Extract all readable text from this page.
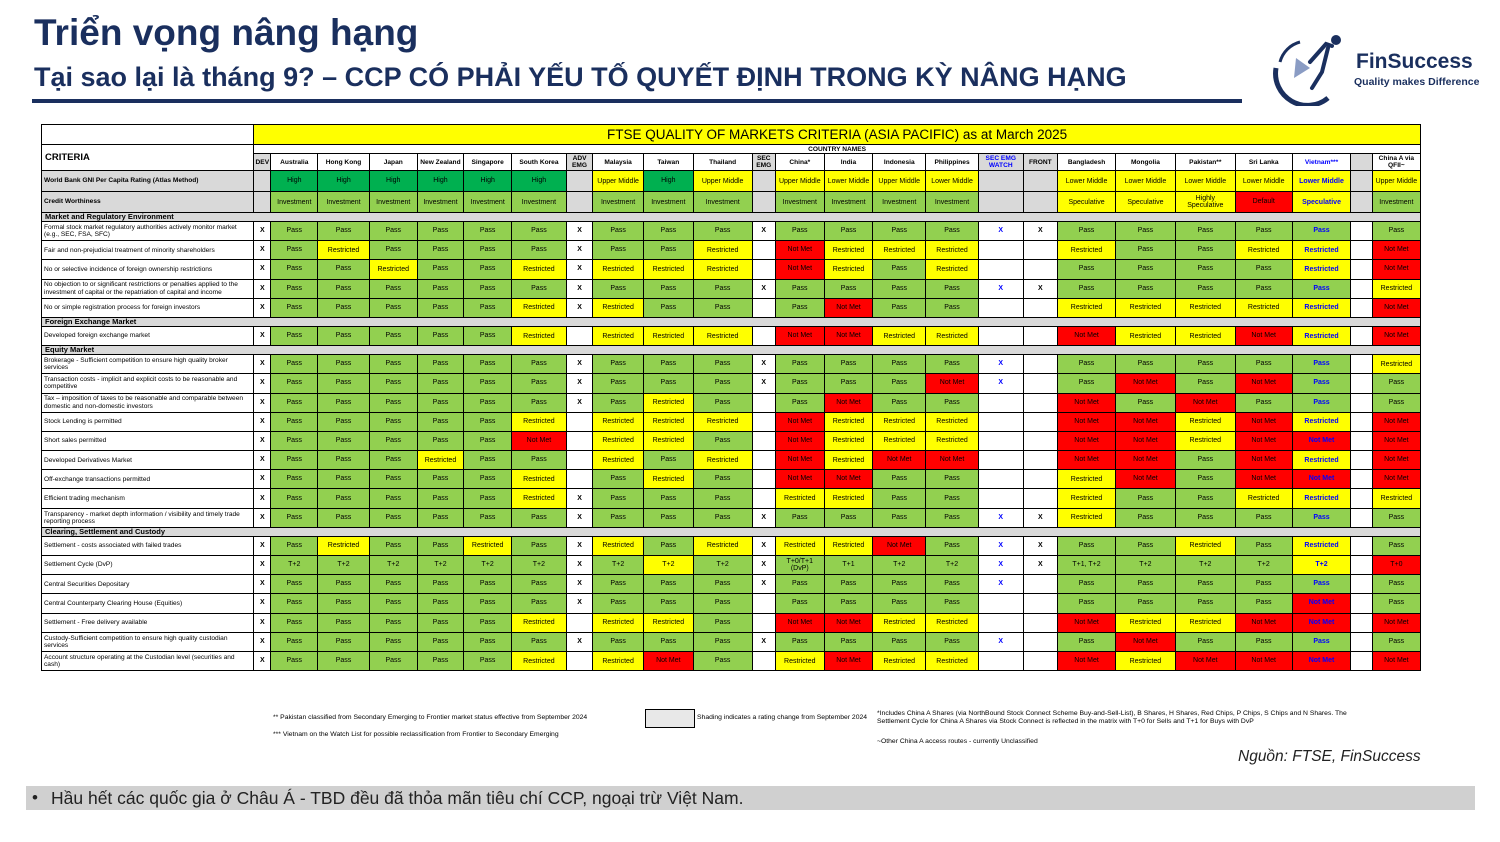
Triển vọng nâng hạng
Tại sao lại là tháng 9? – CCP CÓ PHẢI YẾU TỐ QUYẾT ĐỊNH TRONG KỲ NÂNG HẠNG
FinSuccess
Quality makes Difference
	FTSE QUALITY OF MARKETS CRITERIA (ASIA PACIFIC) as at March 2025																								
CRITERIA	COUNTRY NAMES																								
	DEV	Australia	Hong Kong	Japan	New Zealand	Singapore	South Korea	ADV EMG	Malaysia	Taiwan	Thailand	SEC EMG	China*	India	Indonesia	Philippines	SEC EMG WATCH	FRONT	Bangladesh	Mongolia	Pakistan**	Sri Lanka	Vietnam***		China A via QFII~
World Bank GNI Per Capita Rating (Atlas Method)		High	High	High	High	High	High		Upper Middle	High	Upper Middle		Upper Middle	Lower Middle	Upper Middle	Lower Middle			Lower Middle	Lower Middle	Lower Middle	Lower Middle	Lower Middle		Upper Middle
Credit Worthiness		Investment	Investment	Investment	Investment	Investment	Investment		Investment	Investment	Investment		Investment	Investment	Investment	Investment			Speculative	Speculative	Highly Speculative	Default	Speculative		Investment
Market and Regulatory Environment																									
Formal stock market regulatory authorities actively monitor market (e.g., SEC, FSA, SFC)	X	Pass	Pass	Pass	Pass	Pass	Pass	X	Pass	Pass	Pass	X	Pass	Pass	Pass	Pass	X	X	Pass	Pass	Pass	Pass	Pass		Pass
Fair and non-prejudicial treatment of minority shareholders	X	Pass	Restricted	Pass	Pass	Pass	Pass	X	Pass	Pass	Restricted		Not Met	Restricted	Restricted	Restricted			Restricted	Pass	Pass	Restricted	Restricted		Not Met
No or selective incidence of foreign ownership restrictions	X	Pass	Pass	Restricted	Pass	Pass	Restricted	X	Restricted	Restricted	Restricted		Not Met	Restricted	Pass	Restricted			Pass	Pass	Pass	Pass	Restricted		Not Met
No objection to or significant restrictions or penalties applied to the investment of capital or the repatriation of capital and income	X	Pass	Pass	Pass	Pass	Pass	Pass	X	Pass	Pass	Pass	X	Pass	Pass	Pass	Pass	X	X	Pass	Pass	Pass	Pass	Pass		Restricted
No or simple registration process for foreign investors	X	Pass	Pass	Pass	Pass	Pass	Restricted	X	Restricted	Pass	Pass		Pass	Not Met	Pass	Pass			Restricted	Restricted	Restricted	Restricted	Restricted		Not Met
Foreign Exchange Market																									
Developed foreign exchange market	X	Pass	Pass	Pass	Pass	Pass	Restricted		Restricted	Restricted	Restricted		Not Met	Not Met	Restricted	Restricted			Not Met	Restricted	Restricted	Not Met	Restricted		Not Met
Equity Market																									
Brokerage - Sufficient competition to ensure high quality broker services	X	Pass	Pass	Pass	Pass	Pass	Pass	X	Pass	Pass	Pass	X	Pass	Pass	Pass	Pass	X		Pass	Pass	Pass	Pass	Pass		Restricted
Transaction costs - implicit and explicit costs to be reasonable and competitive	X	Pass	Pass	Pass	Pass	Pass	Pass	X	Pass	Pass	Pass	X	Pass	Pass	Pass	Not Met	X		Pass	Not Met	Pass	Not Met	Pass		Pass
Tax – imposition of taxes to be reasonable and comparable between domestic and non-domestic investors	X	Pass	Pass	Pass	Pass	Pass	Pass	X	Pass	Restricted	Pass		Pass	Not Met	Pass	Pass			Not Met	Pass	Not Met	Pass	Pass		Pass
Stock Lending is permitted	X	Pass	Pass	Pass	Pass	Pass	Restricted		Restricted	Restricted	Restricted		Not Met	Restricted	Restricted	Restricted			Not Met	Not Met	Restricted	Not Met	Restricted		Not Met
Short sales permitted	X	Pass	Pass	Pass	Pass	Pass	Not Met		Restricted	Restricted	Pass		Not Met	Restricted	Restricted	Restricted			Not Met	Not Met	Restricted	Not Met	Not Met		Not Met
Developed Derivatives Market	X	Pass	Pass	Pass	Restricted	Pass	Pass		Restricted	Pass	Restricted		Not Met	Restricted	Not Met	Not Met			Not Met	Not Met	Pass	Not Met	Restricted		Not Met
Off-exchange transactions permitted	X	Pass	Pass	Pass	Pass	Pass	Restricted		Pass	Restricted	Pass		Not Met	Not Met	Pass	Pass			Restricted	Not Met	Pass	Not Met	Not Met		Not Met
Efficient trading mechanism	X	Pass	Pass	Pass	Pass	Pass	Restricted	X	Pass	Pass	Pass		Restricted	Restricted	Pass	Pass			Restricted	Pass	Pass	Restricted	Restricted		Restricted
Transparency - market depth information / visibility and timely trade reporting process	X	Pass	Pass	Pass	Pass	Pass	Pass	X	Pass	Pass	Pass	X	Pass	Pass	Pass	Pass	X	X	Restricted	Pass	Pass	Pass	Pass		Pass
Clearing, Settlement and Custody																									
Settlement - costs associated with failed trades	X	Pass	Restricted	Pass	Pass	Restricted	Pass	X	Restricted	Pass	Restricted	X	Restricted	Restricted	Not Met	Pass	X	X	Pass	Pass	Restricted	Pass	Restricted		Pass
Settlement Cycle (DvP)	X	T+2	T+2	T+2	T+2	T+2	T+2	X	T+2	T+2	T+2	X	T+0/T+1 (DvP)	T+1	T+2	T+2	X	X	T+1, T+2	T+2	T+2	T+2	T+2		T+0
Central Securities Depositary	X	Pass	Pass	Pass	Pass	Pass	Pass	X	Pass	Pass	Pass	X	Pass	Pass	Pass	Pass	X		Pass	Pass	Pass	Pass	Pass		Pass
Central Counterparty Clearing House (Equities)	X	Pass	Pass	Pass	Pass	Pass	Pass	X	Pass	Pass	Pass		Pass	Pass	Pass	Pass			Pass	Pass	Pass	Pass	Not Met		Pass
Settlement - Free delivery available	X	Pass	Pass	Pass	Pass	Pass	Restricted		Restricted	Restricted	Pass		Not Met	Not Met	Restricted	Restricted			Not Met	Restricted	Restricted	Not Met	Not Met		Not Met
Custody-Sufficient competition to ensure high quality custodian services	X	Pass	Pass	Pass	Pass	Pass	Pass	X	Pass	Pass	Pass	X	Pass	Pass	Pass	Pass	X		Pass	Not Met	Pass	Pass	Pass		Pass
Account structure operating at the Custodian level (securities and cash)	X	Pass	Pass	Pass	Pass	Pass	Restricted		Restricted	Not Met	Pass		Restricted	Not Met	Restricted	Restricted			Not Met	Restricted	Not Met	Not Met	Not Met		Not Met
** Pakistan classified from Secondary Emerging to Frontier market status effective from September 2024
*** Vietnam on the Watch List for possible reclassification from Frontier to Secondary Emerging
Shading indicates a rating change from September 2024
*Includes China A Shares (via NorthBound Stock Connect Scheme Buy-and-Sell-List), B Shares, H Shares, Red Chips, P Chips, S Chips and N Shares. The Settlement Cycle for China A Shares via Stock Connect is reflected in the matrix with T+0 for Sells and T+1 for Buys with DvP
~Other China A access routes - currently Unclassified
Nguồn: FTSE, FinSuccess
• Hầu hết các quốc gia ở Châu Á - TBD đều đã thỏa mãn tiêu chí CCP, ngoại trừ Việt Nam.
